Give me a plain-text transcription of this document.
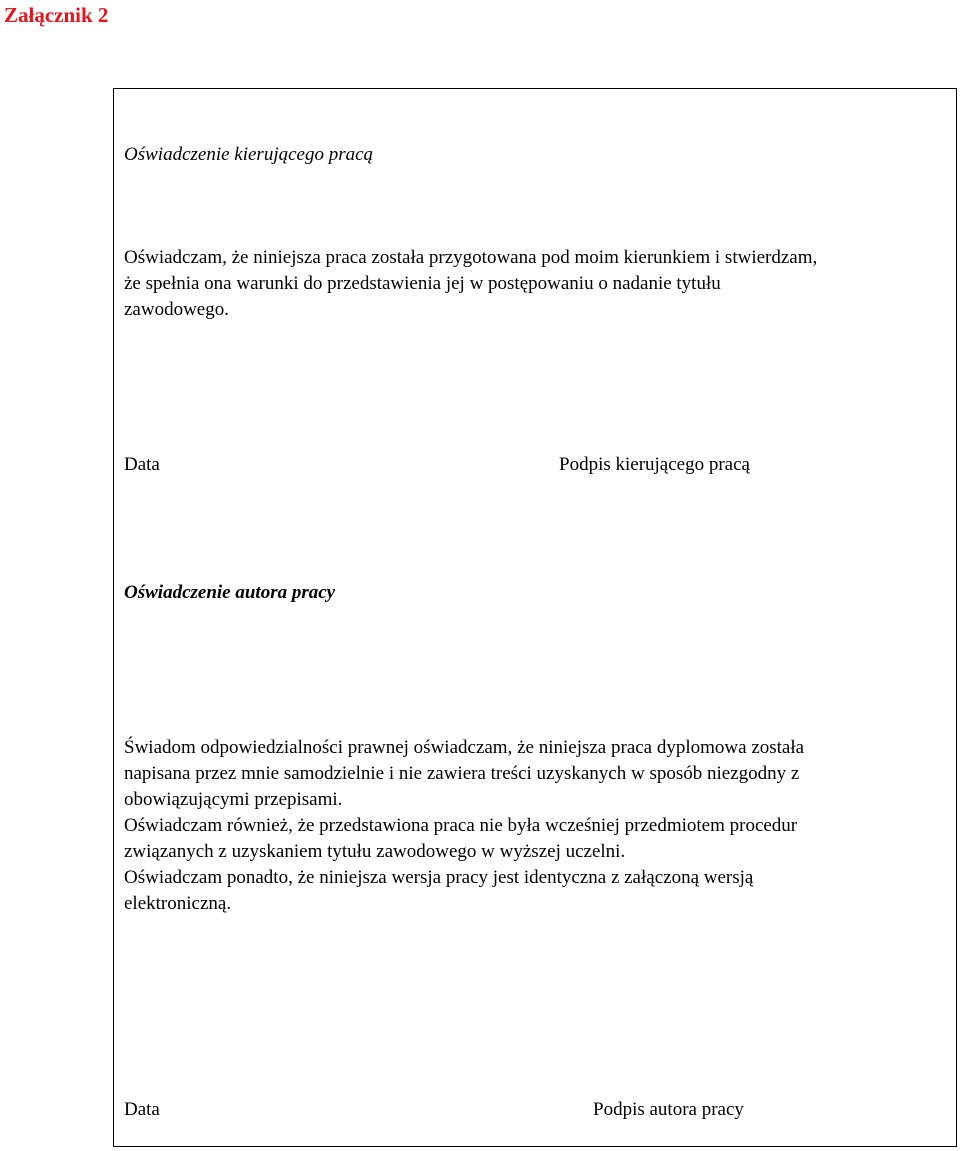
Załącznik 2

Oświadczenie kierującego pracą

Oświadczam, że niniejsza praca została przygotowana pod moim kierunkiem i stwierdzam,
że spełnia ona warunki do przedstawienia jej w postępowaniu o nadanie tytułu
zawodowego.

Data	Podpis kierującego pracą

Oświadczenie autora pracy

Świadom odpowiedzialności prawnej oświadczam, że niniejsza praca dyplomowa została
napisana przez mnie samodzielnie i nie zawiera treści uzyskanych w sposób niezgodny z
obowiązującymi przepisami.
Oświadczam również, że przedstawiona praca nie była wcześniej przedmiotem procedur
związanych z uzyskaniem tytułu zawodowego w wyższej uczelni.
Oświadczam ponadto, że niniejsza wersja pracy jest identyczna z załączoną wersją
elektroniczną.

Data	Podpis autora pracy
